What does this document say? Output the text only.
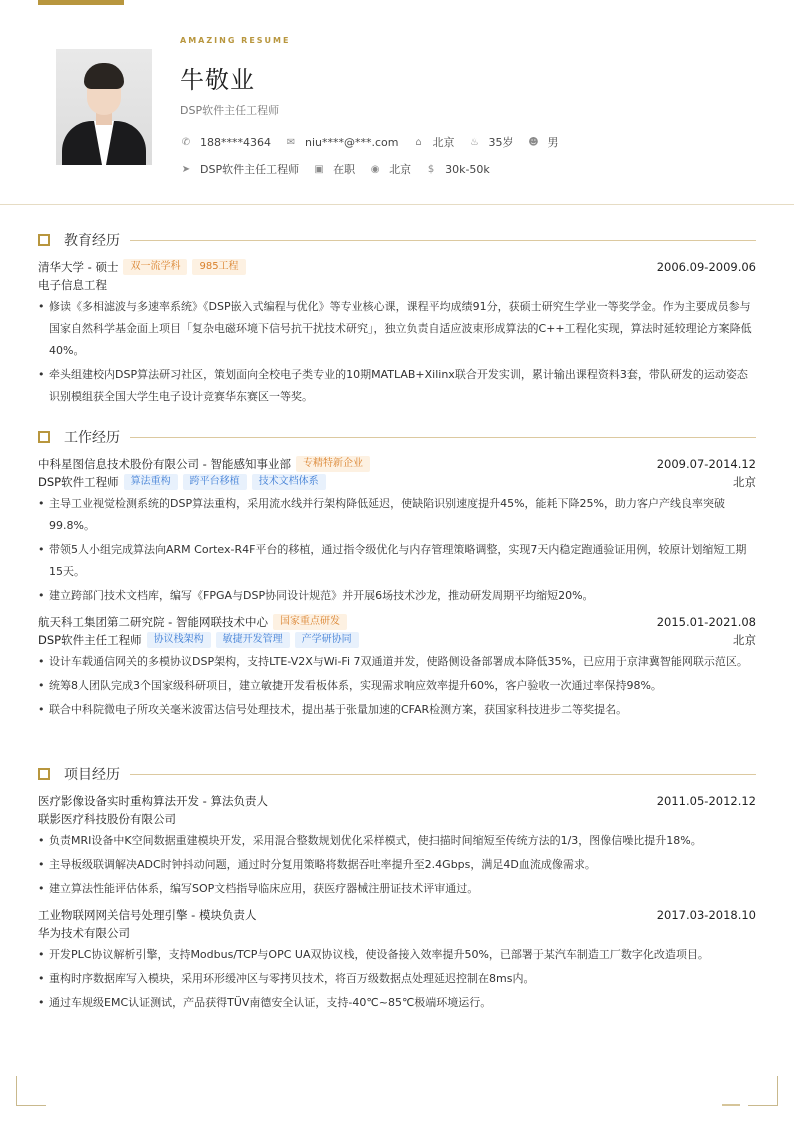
AMAZING RESUME
牛敬业
DSP软件主任工程师
✆ 188****4364 ✉ niu****@***.com ⌂ 北京 ♨ 35岁 ☻ 男
➤ DSP软件主任工程师 ▣ 在职 ◉ 北京 $ 30k-50k
教育经历
清华大学 - 硕士	双一流学科	985工程	2006.09-2009.06
电子信息工程
• 修读《多相滤波与多速率系统》《DSP嵌入式编程与优化》等专业核心课，课程平均成绩91分，获硕士研究生学业一等奖学金。作为主要成员参与国家自然科学基金面上项目「复杂电磁环境下信号抗干扰技术研究」，独立负责自适应波束形成算法的C++工程化实现，算法时延较理论方案降低40%。
• 牵头组建校内DSP算法研习社区，策划面向全校电子类专业的10期MATLAB+Xilinx联合开发实训，累计输出课程资料3套，带队研发的运动姿态识别模组获全国大学生电子设计竞赛华东赛区一等奖。
工作经历
中科星图信息技术股份有限公司 - 智能感知事业部	专精特新企业	2009.07-2014.12
DSP软件工程师	算法重构	跨平台移植	技术文档体系	北京
• 主导工业视觉检测系统的DSP算法重构，采用流水线并行架构降低延迟，使缺陷识别速度提升45%，能耗下降25%，助力客户产线良率突破99.8%。
• 带领5人小组完成算法向ARM Cortex-R4F平台的移植，通过指令级优化与内存管理策略调整，实现7天内稳定跑通验证用例，较原计划缩短工期15天。
• 建立跨部门技术文档库，编写《FPGA与DSP协同设计规范》并开展6场技术沙龙，推动研发周期平均缩短20%。
航天科工集团第二研究院 - 智能网联技术中心	国家重点研发	2015.01-2021.08
DSP软件主任工程师	协议栈架构	敏捷开发管理	产学研协同	北京
• 设计车载通信网关的多模协议DSP架构，支持LTE-V2X与Wi-Fi 7双通道并发，使路侧设备部署成本降低35%，已应用于京津冀智能网联示范区。
• 统筹8人团队完成3个国家级科研项目，建立敏捷开发看板体系，实现需求响应效率提升60%，客户验收一次通过率保持98%。
• 联合中科院微电子所攻关毫米波雷达信号处理技术，提出基于张量加速的CFAR检测方案，获国家科技进步二等奖提名。
项目经历
医疗影像设备实时重构算法开发 - 算法负责人	2011.05-2012.12
联影医疗科技股份有限公司
• 负责MRI设备中K空间数据重建模块开发，采用混合整数规划优化采样模式，使扫描时间缩短至传统方法的1/3，图像信噪比提升18%。
• 主导板级联调解决ADC时钟抖动问题，通过时分复用策略将数据吞吐率提升至2.4Gbps，满足4D血流成像需求。
• 建立算法性能评估体系，编写SOP文档指导临床应用，获医疗器械注册证技术评审通过。
工业物联网网关信号处理引擎 - 模块负责人	2017.03-2018.10
华为技术有限公司
• 开发PLC协议解析引擎，支持Modbus/TCP与OPC UA双协议栈，使设备接入效率提升50%，已部署于某汽车制造工厂数字化改造项目。
• 重构时序数据库写入模块，采用环形缓冲区与零拷贝技术，将百万级数据点处理延迟控制在8ms内。
• 通过车规级EMC认证测试，产品获得TÜV南德安全认证，支持-40℃~85℃极端环境运行。
